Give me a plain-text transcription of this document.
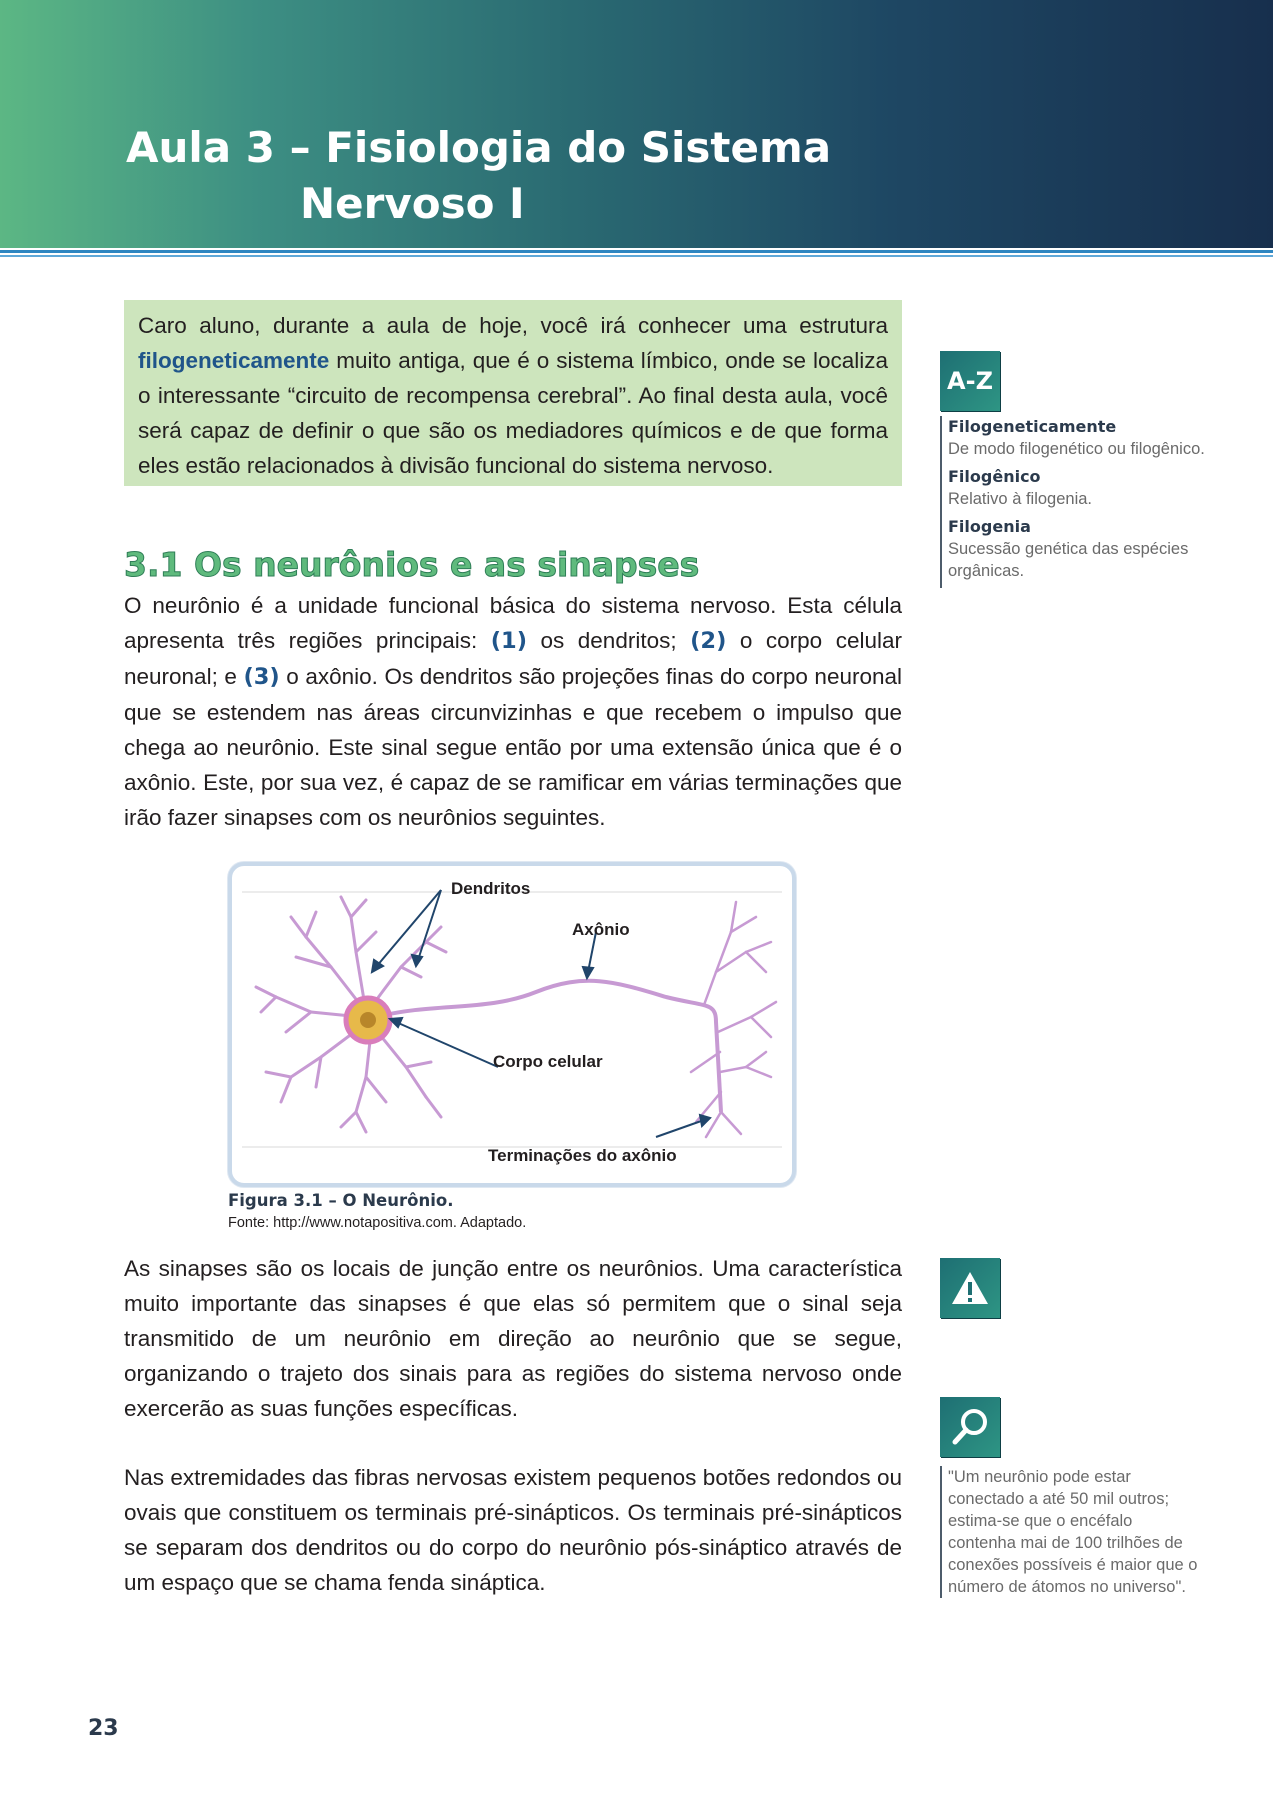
Aula 3 – Fisiologia do Sistema
Nervoso I
Caro aluno, durante a aula de hoje, você irá conhecer uma estrutura filogeneticamente muito antiga, que é o sistema límbico, onde se localiza o interessante “circuito de recompensa cerebral”. Ao final desta aula, você será capaz de definir o que são os mediadores químicos e de que forma eles estão relacionados à divisão funcional do sistema nervoso.
A-Z
Filogeneticamente
De modo filogenético ou filogênico.
Filogênico
Relativo à filogenia.
Filogenia
Sucessão genética das espécies orgânicas.
3.1 Os neurônios e as sinapses

O neurônio é a unidade funcional básica do sistema nervoso. Esta célula apresenta três regiões principais: (1) os dendritos; (2) o corpo celular neuronal; e (3) o axônio. Os dendritos são projeções finas do corpo neuronal que se estendem nas áreas circunvizinhas e que recebem o impulso que chega ao neurônio. Este sinal segue então por uma extensão única que é o axônio. Este, por sua vez, é capaz de se ramificar em várias terminações que irão fazer sinapses com os neurônios seguintes.

Dendritos
Axônio
Corpo celular
Terminações do axônio
Figura 3.1 – O Neurônio.
Fonte: http://www.notapositiva.com. Adaptado.

As sinapses são os locais de junção entre os neurônios. Uma característica muito importante das sinapses é que elas só permitem que o sinal seja transmitido de um neurônio em direção ao neurônio que se segue, organizando o trajeto dos sinais para as regiões do sistema nervoso onde exercerão as suas funções específicas.

Nas extremidades das fibras nervosas existem pequenos botões redondos ou ovais que constituem os terminais pré-sinápticos. Os terminais pré-sinápticos se separam dos dendritos ou do corpo do neurônio pós-sináptico através de um espaço que se chama fenda sináptica.

"Um neurônio pode estar conectado a até 50 mil outros; estima-se que o encéfalo contenha mai de 100 trilhões de conexões possíveis é maior que o número de átomos no universo".
23
